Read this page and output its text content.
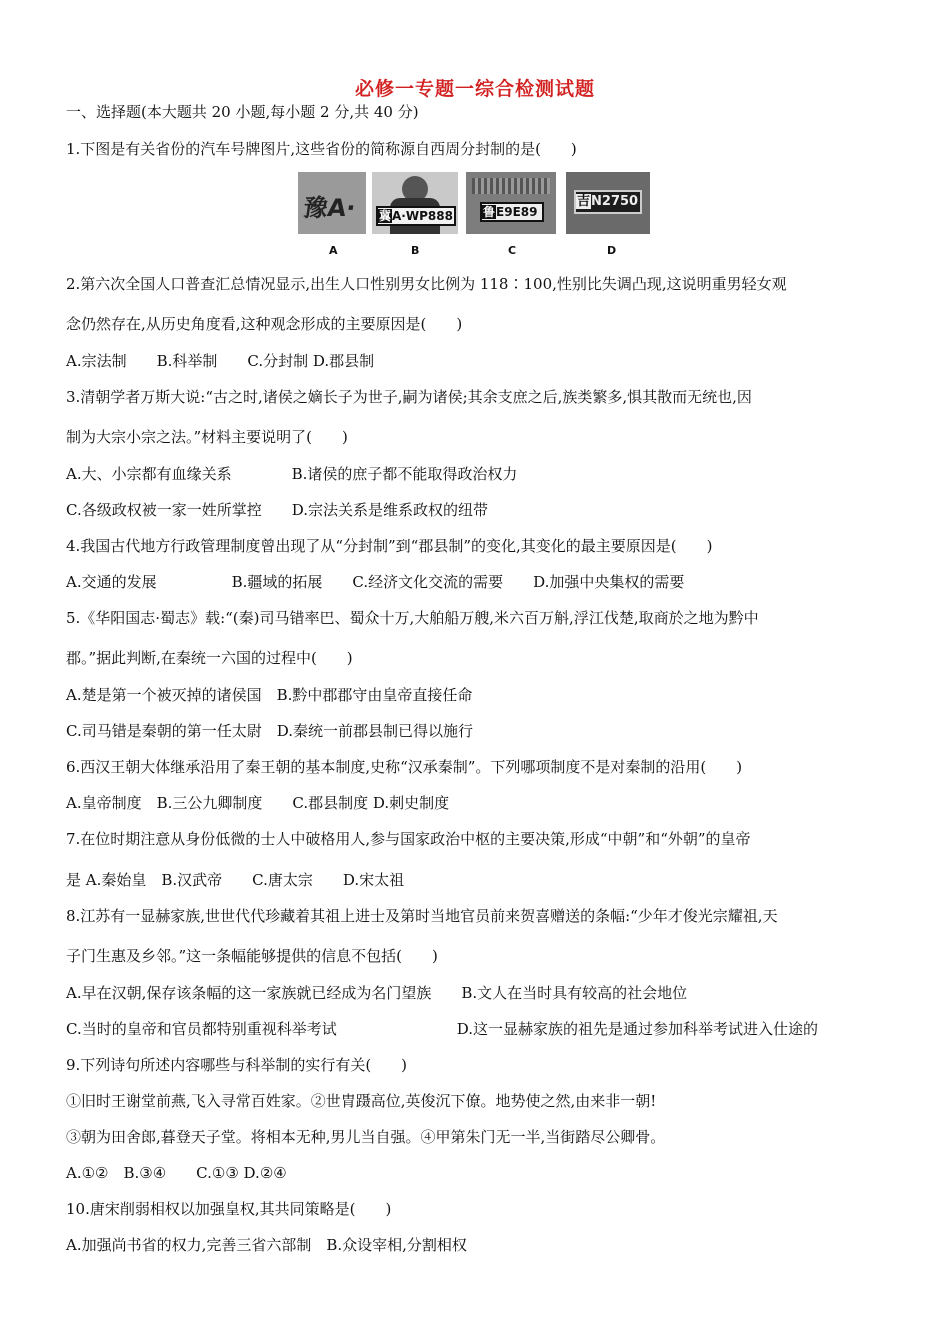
必修一专题一综合检测试题
一、选择题(本大题共 20 小题,每小题 2 分,共 40 分)
1.下图是有关省份的汽车号牌图片,这些省份的简称源自西周分封制的是(　　)
豫A· 冀A·WP888	鲁E9E89
吉N2750
A	B	C	D
2.第六次全国人口普查汇总情况显示,出生人口性别男女比例为 118∶100,性别比失调凸现,这说明重男轻女观
念仍然存在,从历史角度看,这种观念形成的主要原因是(　　)
A.宗法制　　B.科举制　　C.分封制 D.郡县制
3.清朝学者万斯大说:“古之时,诸侯之嫡长子为世子,嗣为诸侯;其余支庶之后,族类繁多,惧其散而无统也,因
制为大宗小宗之法。”材料主要说明了(　　)
A.大、小宗都有血缘关系　　　　B.诸侯的庶子都不能取得政治权力
C.各级政权被一家一姓所掌控　　D.宗法关系是维系政权的纽带
4.我国古代地方行政管理制度曾出现了从“分封制”到“郡县制”的变化,其变化的最主要原因是(　　)
A.交通的发展　　　　　B.疆域的拓展　　C.经济文化交流的需要　　D.加强中央集权的需要
5.《华阳国志·蜀志》载:“(秦)司马错率巴、蜀众十万,大舶船万艘,米六百万斛,浮江伐楚,取商於之地为黔中
郡。”据此判断,在秦统一六国的过程中(　　)
A.楚是第一个被灭掉的诸侯国　B.黔中郡郡守由皇帝直接任命
C.司马错是秦朝的第一任太尉　D.秦统一前郡县制已得以施行
6.西汉王朝大体继承沿用了秦王朝的基本制度,史称“汉承秦制”。下列哪项制度不是对秦制的沿用(　　)
A.皇帝制度　B.三公九卿制度　　C.郡县制度 D.刺史制度
7.在位时期注意从身份低微的士人中破格用人,参与国家政治中枢的主要决策,形成“中朝”和“外朝”的皇帝
是 A.秦始皇　B.汉武帝　　C.唐太宗　　D.宋太祖
8.江苏有一显赫家族,世世代代珍藏着其祖上进士及第时当地官员前来贺喜赠送的条幅:“少年才俊光宗耀祖,天
子门生惠及乡邻。”这一条幅能够提供的信息不包括(　　)
A.早在汉朝,保存该条幅的这一家族就已经成为名门望族　　B.文人在当时具有较高的社会地位
C.当时的皇帝和官员都特别重视科举考试　　　　　　　　D.这一显赫家族的祖先是通过参加科举考试进入仕途的
9.下列诗句所述内容哪些与科举制的实行有关(　　)
①旧时王谢堂前燕,飞入寻常百姓家。②世胄蹑高位,英俊沉下僚。地势使之然,由来非一朝!
③朝为田舍郎,暮登天子堂。将相本无种,男儿当自强。④甲第朱门无一半,当街踏尽公卿骨。
A.①②　B.③④　　C.①③ D.②④
10.唐宋削弱相权以加强皇权,其共同策略是(　　)
A.加强尚书省的权力,完善三省六部制　B.众设宰相,分割相权
